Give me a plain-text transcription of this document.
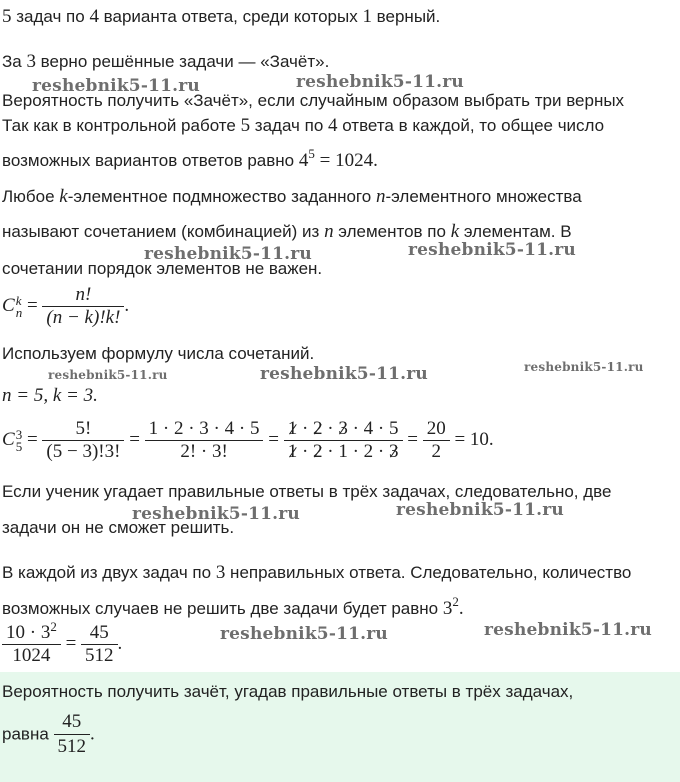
5 задач по 4 варианта ответа, среди которых 1 верный.
За 3 верно решённые задачи — «Зачёт».
Вероятность получить «Зачёт», если случайным образом выбрать три верных
Так как в контрольной работе 5 задач по 4 ответа в каждой, то общее число
возможных вариантов ответов равно $4^5 = 1024$.
Любое k-элементное подмножество заданного n-элементного множества
называют сочетанием (комбинацией) из n элементов по k элементам. В
сочетании порядок элементов не важен.
C k
$n = \frac{n!}{(n - k)!k!}$ .
Используем формулу числа сочетаний.
n = 5, k = 3.
C 3
$5 = \frac{5!}{(5 - 3)!3!} = \frac{1 \cdot 2 \cdot 3 \cdot 4 \cdot 5}{2! \cdot 3!} = \frac{1 \cdot 2 \cdot 3 \cdot 4 \cdot 5}{1 \cdot 2 \cdot 1 \cdot 2 \cdot 3} = \frac{20}{2} = 10$.
Если ученик угадает правильные ответы в трёх задачах, следовательно, две
задачи он не сможет решить.
В каждой из двух задач по 3 неправильных ответа. Следовательно, количество
возможных случаев не решить две задачи будет равно $3^2$.
$\frac{10 \cdot 3^2}{1024} = \frac{45}{512}$ .
Вероятность получить зачёт, угадав правильные ответы в трёх задачах,
равна $\frac{45}{512}$ .
reshebnik5-11.ru	reshebnik5-11.ru
reshebnik5-11.ru	reshebnik5-11.ru
reshebnik5-11.ru	reshebnik5-11.ru	reshebnik5-11.ru
reshebnik5-11.ru	reshebnik5-11.ru
reshebnik5-11.ru	reshebnik5-11.ru
